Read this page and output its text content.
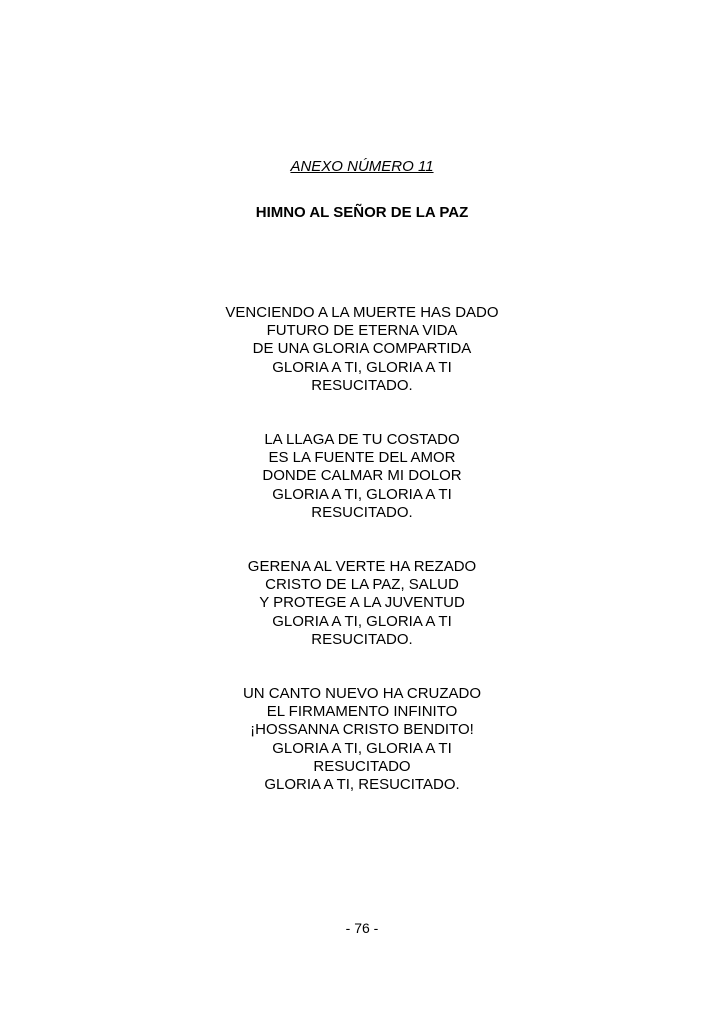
ANEXO NÚMERO 11
HIMNO AL SEÑOR DE LA PAZ
VENCIENDO A LA MUERTE HAS DADO
FUTURO DE ETERNA VIDA
DE UNA GLORIA COMPARTIDA
GLORIA A TI, GLORIA A TI
RESUCITADO.
LA LLAGA DE TU COSTADO
ES LA FUENTE DEL AMOR
DONDE CALMAR MI DOLOR
GLORIA A TI, GLORIA A TI
RESUCITADO.
GERENA AL VERTE HA REZADO
CRISTO DE LA PAZ, SALUD
Y PROTEGE A LA JUVENTUD
GLORIA A TI, GLORIA A TI
RESUCITADO.
UN CANTO NUEVO HA CRUZADO
EL FIRMAMENTO INFINITO
¡HOSSANNA CRISTO BENDITO!
GLORIA A TI, GLORIA A TI
RESUCITADO
GLORIA A TI, RESUCITADO.
- 76 -
